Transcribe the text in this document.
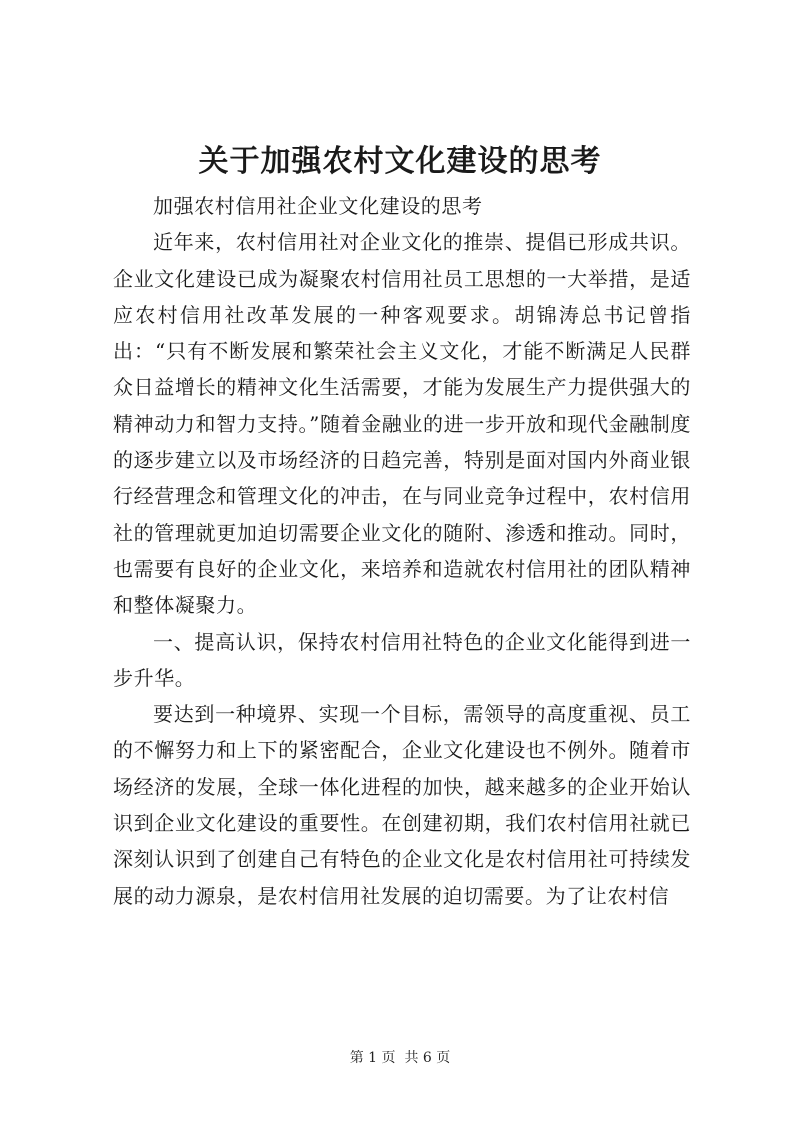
关于加强农村文化建设的思考

加强农村信用社企业文化建设的思考

近年来，农村信用社对企业文化的推崇、提倡已形成共识。企业文化建设已成为凝聚农村信用社员工思想的一大举措，是适应农村信用社改革发展的一种客观要求。胡锦涛总书记曾指出：“只有不断发展和繁荣社会主义文化，才能不断满足人民群众日益增长的精神文化生活需要，才能为发展生产力提供强大的精神动力和智力支持。”随着金融业的进一步开放和现代金融制度的逐步建立以及市场经济的日趋完善，特别是面对国内外商业银行经营理念和管理文化的冲击，在与同业竞争过程中，农村信用社的管理就更加迫切需要企业文化的随附、渗透和推动。同时，也需要有良好的企业文化，来培养和造就农村信用社的团队精神和整体凝聚力。

一、提高认识，保持农村信用社特色的企业文化能得到进一步升华。

要达到一种境界、实现一个目标，需领导的高度重视、员工的不懈努力和上下的紧密配合，企业文化建设也不例外。随着市场经济的发展，全球一体化进程的加快，越来越多的企业开始认识到企业文化建设的重要性。在创建初期，我们农村信用社就已深刻认识到了创建自己有特色的企业文化是农村信用社可持续发展的动力源泉，是农村信用社发展的迫切需要。为了让农村信

第 1 页  共 6 页
